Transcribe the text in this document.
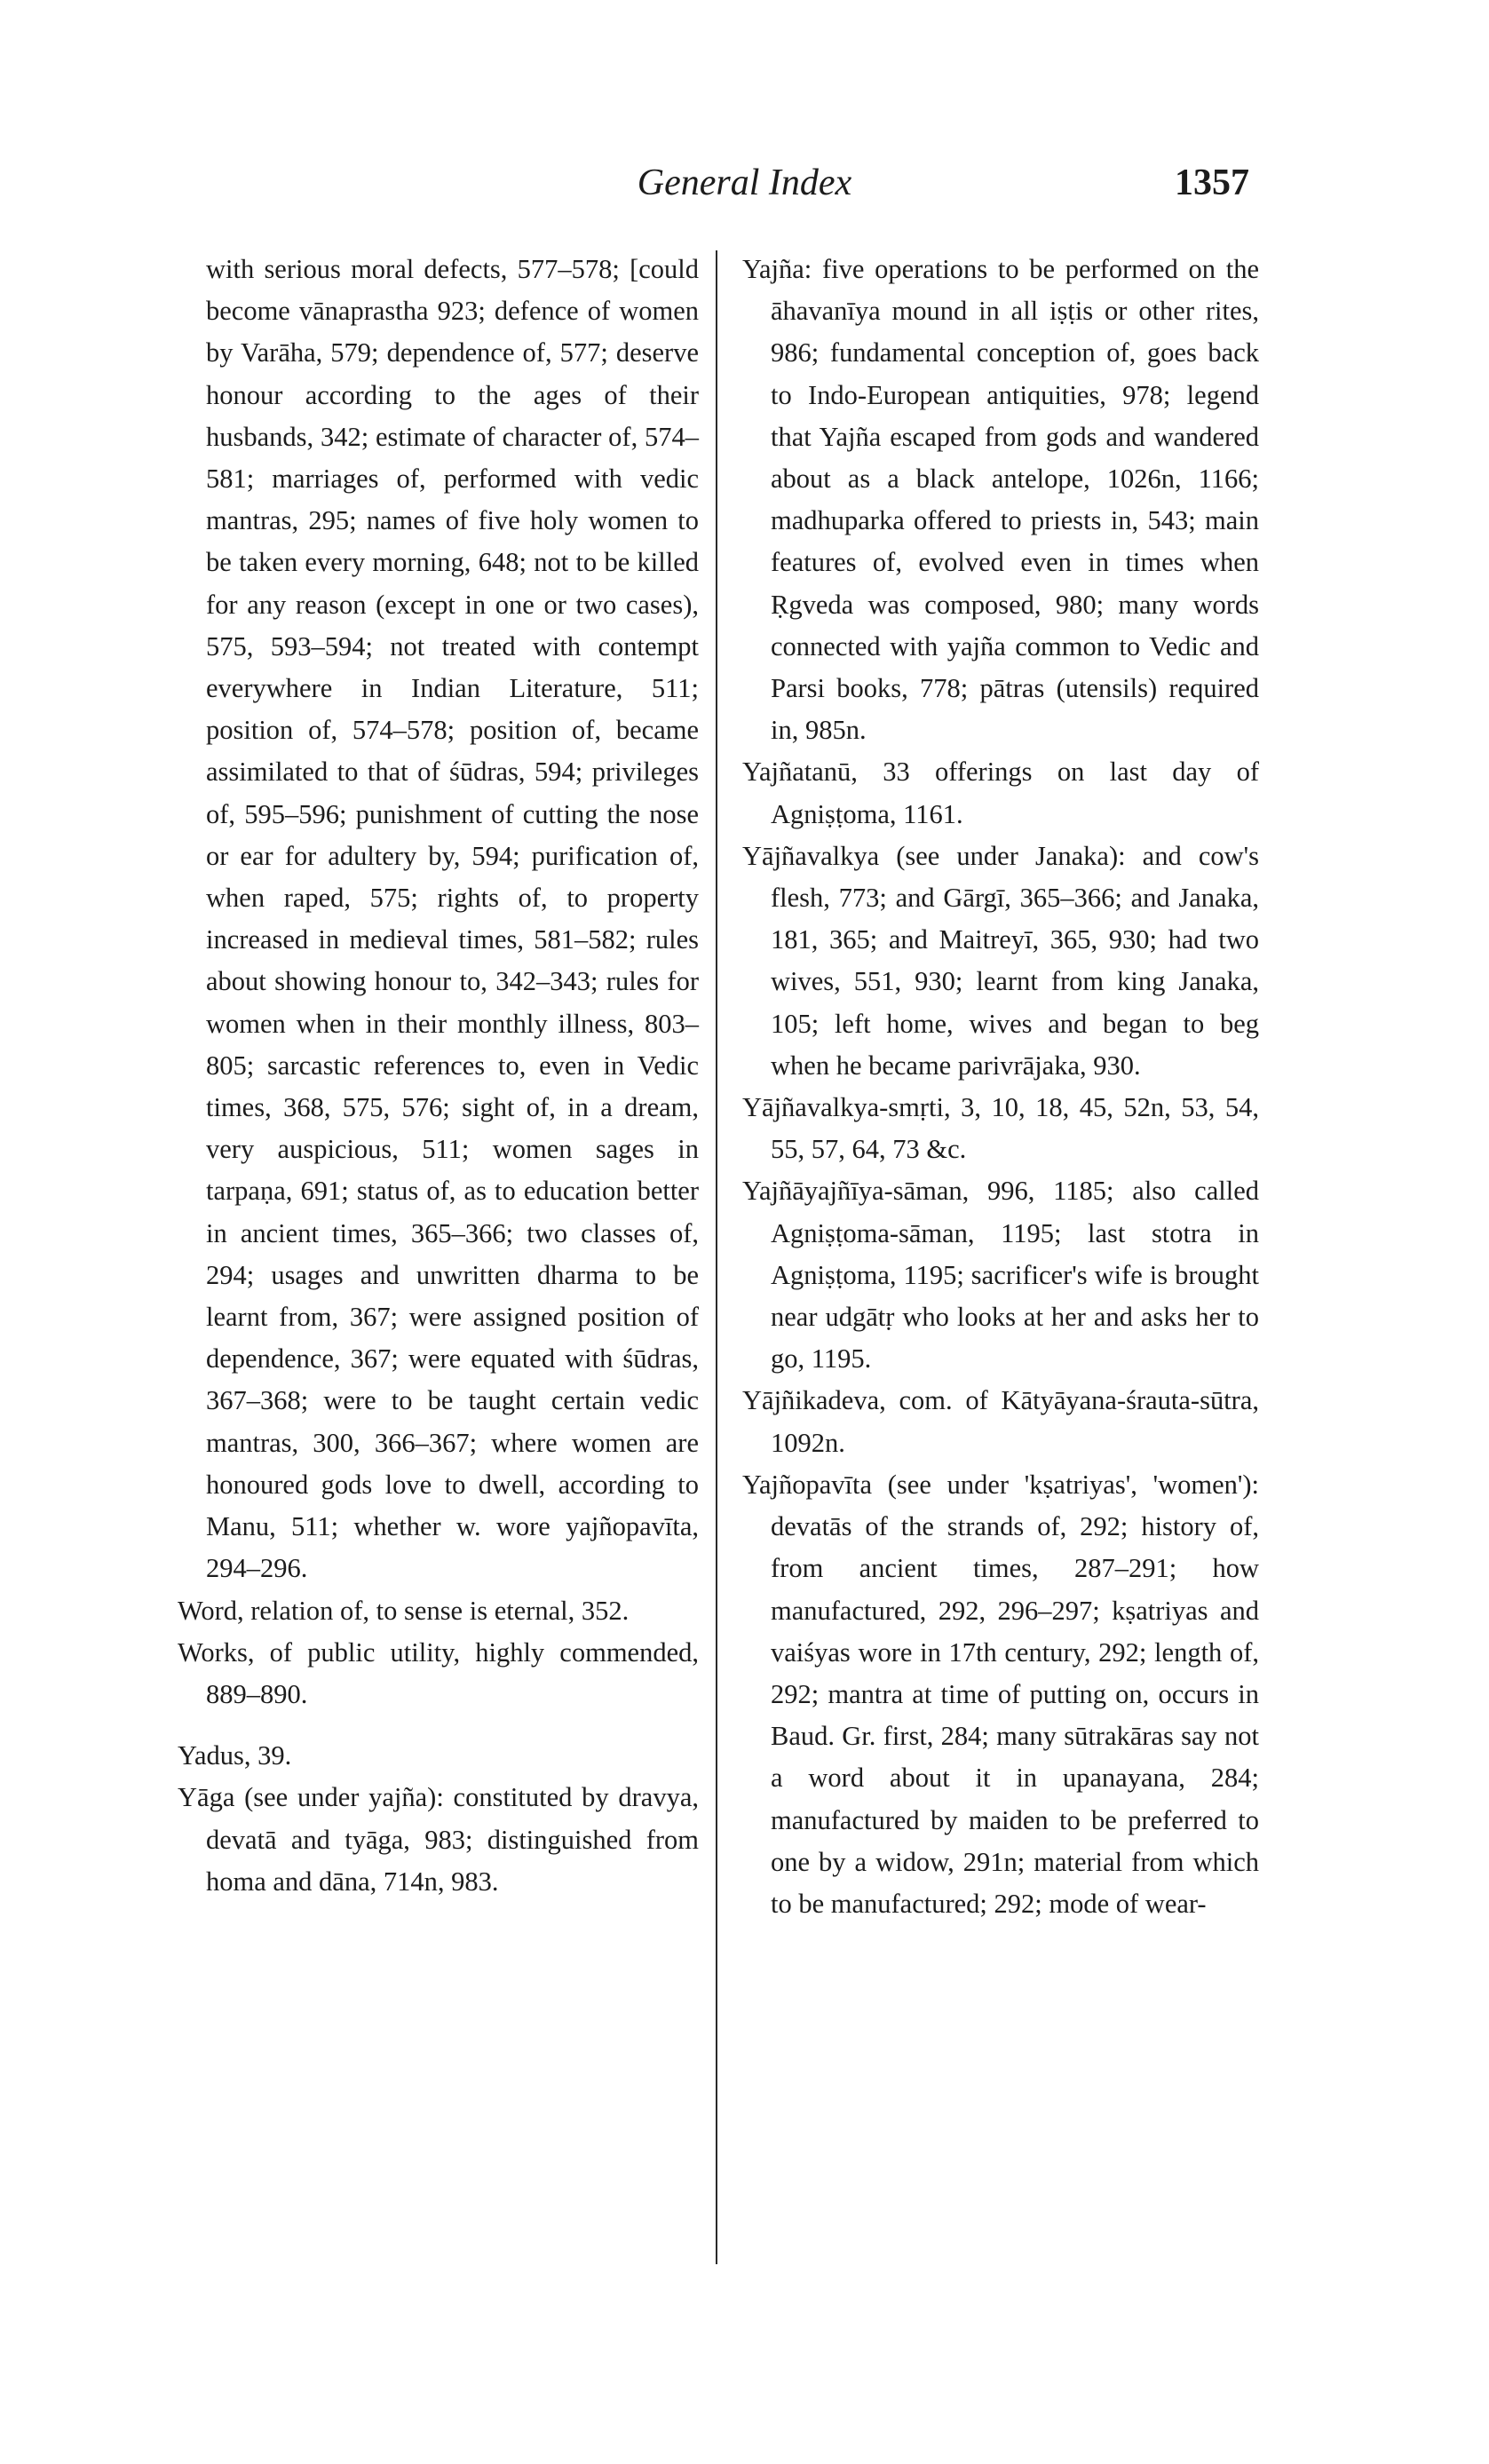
General Index	1357
with serious moral defects, 577–578; [could become vānaprastha 923; defence of women by Varāha, 579; dependence of, 577; deserve honour according to the ages of their husbands, 342; estimate of character of, 574–581; marriages of, performed with vedic mantras, 295; names of five holy women to be taken every morning, 648; not to be killed for any reason (except in one or two cases), 575, 593–594; not treated with contempt everywhere in Indian Literature, 511; position of, 574–578; position of, became assimilated to that of śūdras, 594; privileges of, 595–596; punishment of cutting the nose or ear for adultery by, 594; purification of, when raped, 575; rights of, to property increased in medieval times, 581–582; rules about showing honour to, 342–343; rules for women when in their monthly illness, 803–805; sarcastic references to, even in Vedic times, 368, 575, 576; sight of, in a dream, very auspicious, 511; women sages in tarpaṇa, 691; status of, as to education better in ancient times, 365–366; two classes of, 294; usages and unwritten dharma to be learnt from, 367; were assigned position of dependence, 367; were equated with śūdras, 367–368; were to be taught certain vedic mantras, 300, 366–367; where women are honoured gods love to dwell, according to Manu, 511; whether w. wore yajñopavīta, 294–296.
Word, relation of, to sense is eternal, 352.
Works, of public utility, highly commended, 889–890.
Yadus, 39.
Yāga (see under yajña): constituted by dravya, devatā and tyāga, 983; distinguished from homa and dāna, 714n, 983.
Yajña: five operations to be performed on the āhavanīya mound in all iṣṭis or other rites, 986; fundamental conception of, goes back to Indo-European antiquities, 978; legend that Yajña escaped from gods and wandered about as a black antelope, 1026n, 1166; madhuparka offered to priests in, 543; main features of, evolved even in times when Ṛgveda was composed, 980; many words connected with yajña common to Vedic and Parsi books, 778; pātras (utensils) required in, 985n.
Yajñatanū, 33 offerings on last day of Agniṣṭoma, 1161.
Yājñavalkya (see under Janaka): and cow's flesh, 773; and Gārgī, 365–366; and Janaka, 181, 365; and Maitreyī, 365, 930; had two wives, 551, 930; learnt from king Janaka, 105; left home, wives and began to beg when he became parivrājaka, 930.
Yājñavalkya-smṛti, 3, 10, 18, 45, 52n, 53, 54, 55, 57, 64, 73 &c.
Yajñāyajñīya-sāman, 996, 1185; also called Agniṣṭoma-sāman, 1195; last stotra in Agniṣṭoma, 1195; sacrificer's wife is brought near udgātṛ who looks at her and asks her to go, 1195.
Yājñikadeva, com. of Kātyāyana-śrauta-sūtra, 1092n.
Yajñopavīta (see under 'kṣatriyas', 'women'): devatās of the strands of, 292; history of, from ancient times, 287–291; how manufactured, 292, 296–297; kṣatriyas and vaiśyas wore in 17th century, 292; length of, 292; mantra at time of putting on, occurs in Baud. Gr. first, 284; many sūtrakāras say not a word about it in upanayana, 284; manufactured by maiden to be preferred to one by a widow, 291n; material from which to be manufactured; 292; mode of wear-
